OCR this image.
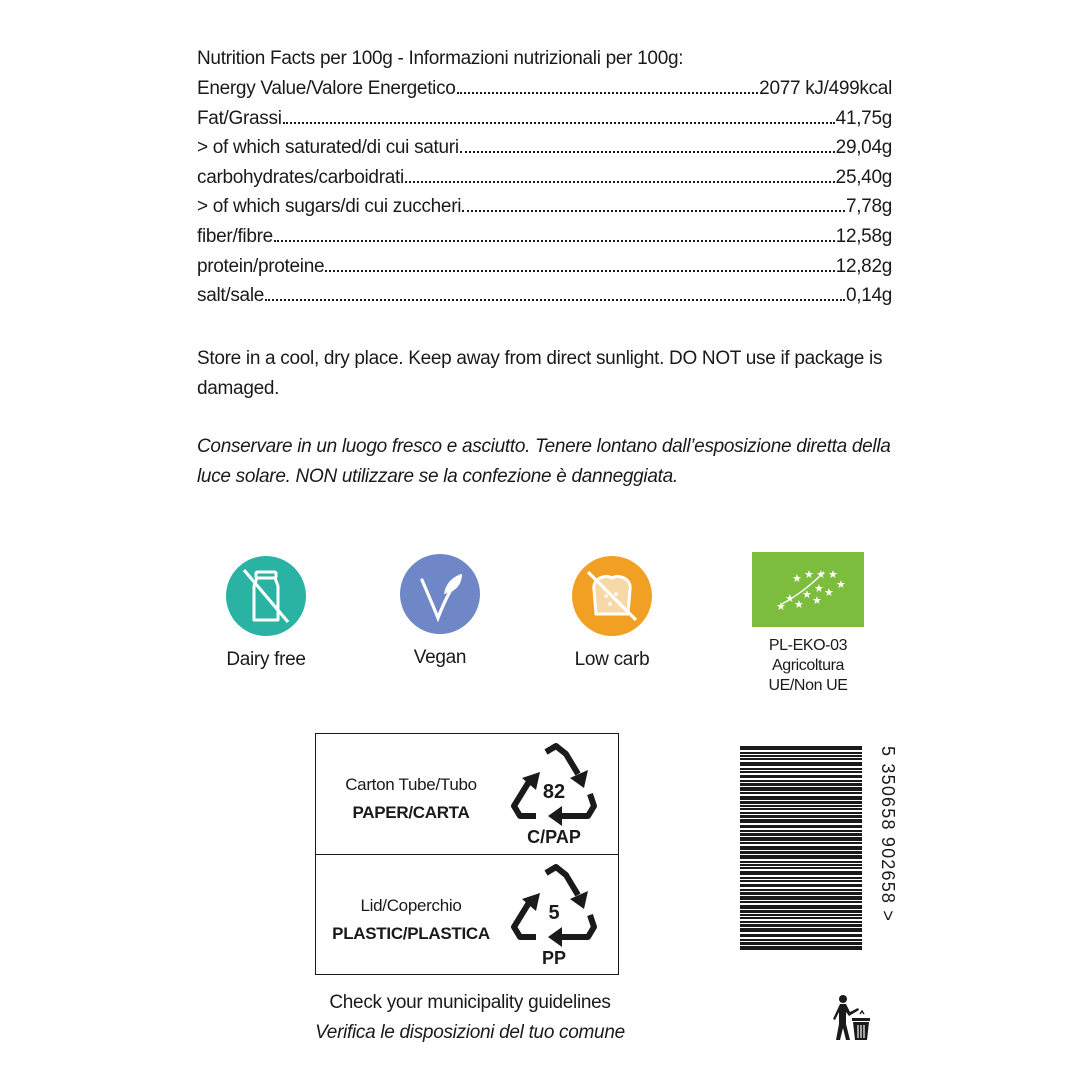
Nutrition Facts per 100g - Informazioni nutrizionali per 100g:
Energy Value/Valore Energetico	2077 kJ/499kcal
Fat/Grassi	41,75g
> of which saturated/di cui saturi	29,04g
carbohydrates/carboidrati	25,40g
> of which sugars/di cui zuccheri	7,78g
fiber/fibre	12,58g
protein/proteine	12,82g
salt/sale	0,14g
Store in a cool, dry place. Keep away from direct sunlight. DO NOT use if package is damaged.
Conservare in un luogo fresco e asciutto. Tenere lontano dall’esposizione diretta della luce solare. NON utilizzare se la confezione è danneggiata.
Dairy free	Vegan	Low carb
★
★ ★
★ ★
★ ★
★ ★ ★ ★
★
PL-EKO-03
Agricoltura
UE/Non UE
Carton Tube/Tubo
PAPER/CARTA
82
C/PAP
Lid/Coperchio
PLASTIC/PLASTICA
5
PP
Check your municipality guidelines
Verifica le disposizioni del tuo comune
5 350658 902658 >
